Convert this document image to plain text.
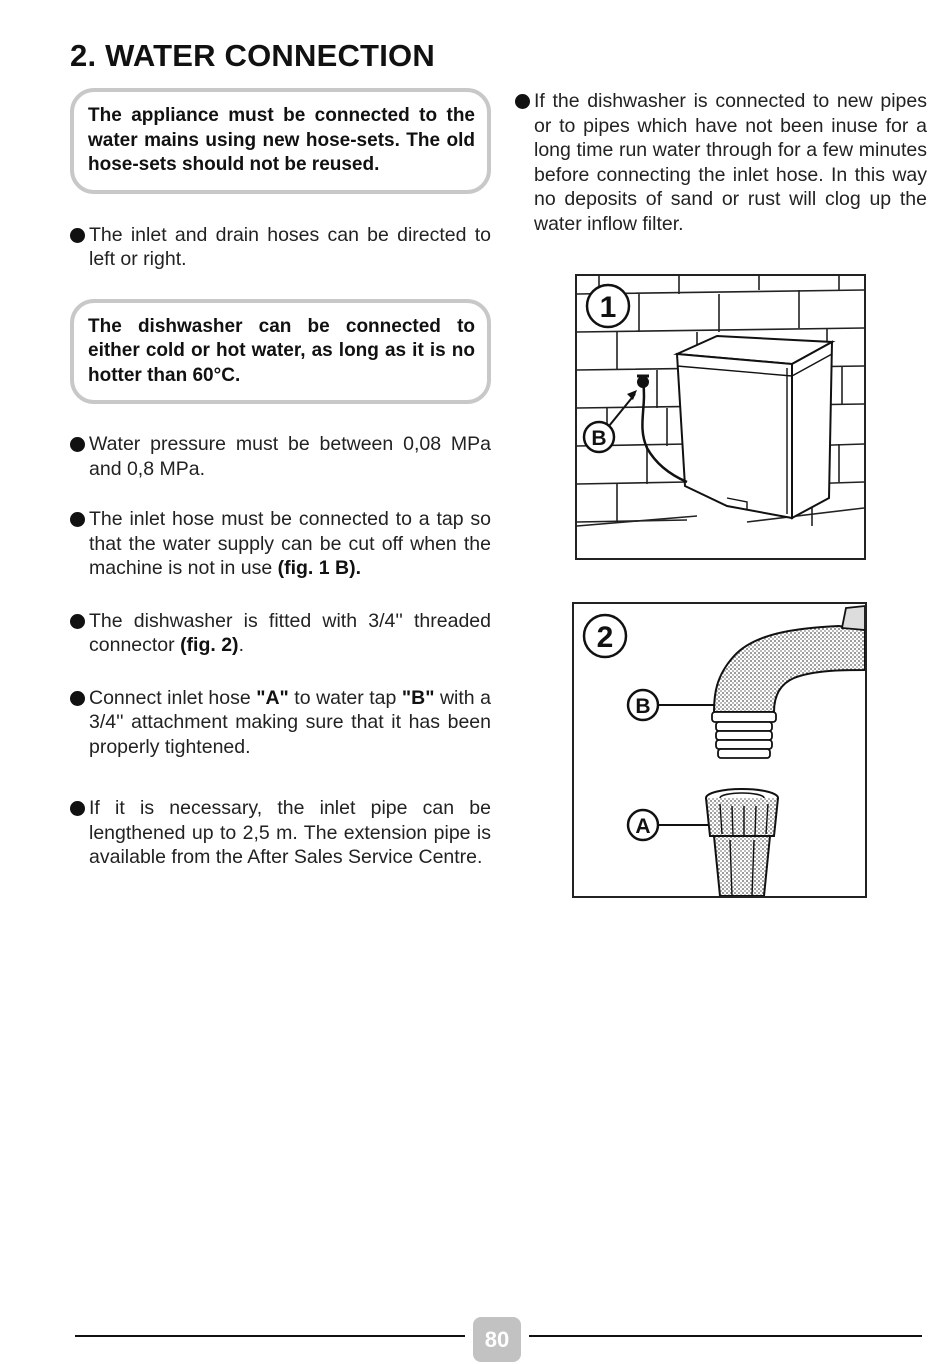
2. WATER CONNECTION
The appliance must be connected to the water mains using new hose-sets. The old hose-sets should not be reused.
The inlet and drain hoses can be directed to left or right.
The dishwasher can be connected to either cold or hot water, as long as it is no hotter than 60°C.
Water pressure must be between 0,08 MPa and 0,8 MPa.
The inlet hose must be connected to a tap so that the water supply can be cut off when the machine is not in use (fig. 1 B).
The dishwasher is fitted with 3/4'' threaded connector (fig. 2).
Connect inlet hose "A" to water tap "B" with a 3/4'' attachment making sure that it has been properly tightened.
If it is necessary, the inlet pipe can be lengthened up to 2,5 m. The extension pipe is available from the After Sales Service Centre.
If the dishwasher is connected to new pipes or to pipes which have not been inuse for a long time run water through for a few minutes before connecting the inlet hose. In this way no deposits of sand or rust will clog up the water inflow filter.
1
B
2
B
A
80
